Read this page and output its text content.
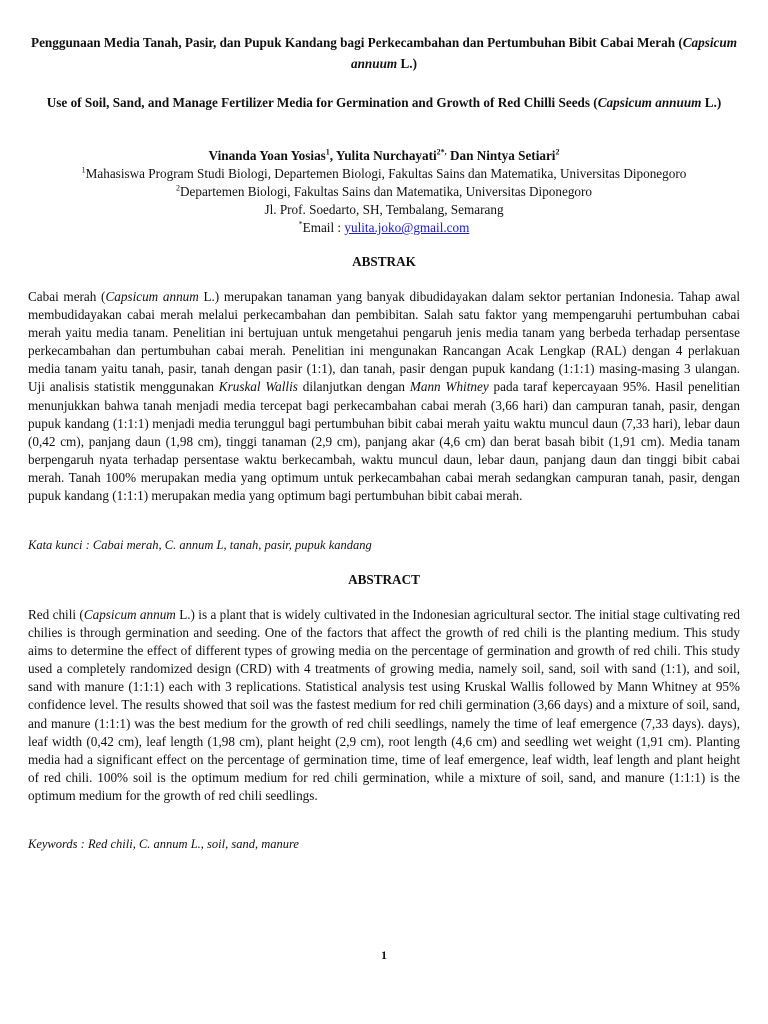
Penggunaan Media Tanah, Pasir, dan Pupuk Kandang bagi Perkecambahan dan Pertumbuhan Bibit Cabai Merah (Capsicum annuum L.)

Use of Soil, Sand, and Manage Fertilizer Media for Germination and Growth of Red Chilli Seeds (Capsicum annuum L.)

Vinanda Yoan Yosias$^1$, Yulita Nurchayati$^{2*,}$ Dan Nintya Setiari$^2$
$^1$Mahasiswa Program Studi Biologi, Departemen Biologi, Fakultas Sains dan Matematika, Universitas Diponegoro
$^2$Departemen Biologi, Fakultas Sains dan Matematika, Universitas Diponegoro
Jl. Prof. Soedarto, SH, Tembalang, Semarang
*Email : yulita.joko@gmail.com
ABSTRAK

Cabai merah (Capsicum annum L.) merupakan tanaman yang banyak dibudidayakan dalam sektor pertanian Indonesia. Tahap awal membudidayakan cabai merah melalui perkecambahan dan pembibitan. Salah satu faktor yang mempengaruhi pertumbuhan cabai merah yaitu media tanam. Penelitian ini bertujuan untuk mengetahui pengaruh jenis media tanam yang berbeda terhadap persentase perkecambahan dan pertumbuhan cabai merah. Penelitian ini mengunakan Rancangan Acak Lengkap (RAL) dengan 4 perlakuan media tanam yaitu tanah, pasir, tanah dengan pasir (1:1), dan tanah, pasir dengan pupuk kandang (1:1:1) masing-masing 3 ulangan. Uji analisis statistik menggunakan Kruskal Wallis dilanjutkan dengan Mann Whitney pada taraf kepercayaan 95%. Hasil penelitian menunjukkan bahwa tanah menjadi media tercepat bagi perkecambahan cabai merah (3,66 hari) dan campuran tanah, pasir, dengan pupuk kandang (1:1:1) menjadi media terunggul bagi pertumbuhan bibit cabai merah yaitu waktu muncul daun (7,33 hari), lebar daun (0,42 cm), panjang daun (1,98 cm), tinggi tanaman (2,9 cm), panjang akar (4,6 cm) dan berat basah bibit (1,91 cm). Media tanam berpengaruh nyata terhadap persentase waktu berkecambah, waktu muncul daun, lebar daun, panjang daun dan tinggi bibit cabai merah. Tanah 100% merupakan media yang optimum untuk perkecambahan cabai merah sedangkan campuran tanah, pasir, dengan pupuk kandang (1:1:1) merupakan media yang optimum bagi pertumbuhan bibit cabai merah.

Kata kunci : Cabai merah, C. annum L, tanah, pasir, pupuk kandang
ABSTRACT

Red chili (Capsicum annum L.) is a plant that is widely cultivated in the Indonesian agricultural sector. The initial stage cultivating red chilies is through germination and seeding. One of the factors that affect the growth of red chili is the planting medium. This study aims to determine the effect of different types of growing media on the percentage of germination and growth of red chili. This study used a completely randomized design (CRD) with 4 treatments of growing media, namely soil, sand, soil with sand (1:1), and soil, sand with manure (1:1:1) each with 3 replications. Statistical analysis test using Kruskal Wallis followed by Mann Whitney at 95% confidence level. The results showed that soil was the fastest medium for red chili germination (3,66 days) and a mixture of soil, sand, and manure (1:1:1) was the best medium for the growth of red chili seedlings, namely the time of leaf emergence (7,33 days). days), leaf width (0,42 cm), leaf length (1,98 cm), plant height (2,9 cm), root length (4,6 cm) and seedling wet weight (1,91 cm). Planting media had a significant effect on the percentage of germination time, time of leaf emergence, leaf width, leaf length and plant height of red chili. 100% soil is the optimum medium for red chili germination, while a mixture of soil, sand, and manure (1:1:1) is the optimum medium for the growth of red chili seedlings.

Keywords : Red chili, C. annum L., soil, sand, manure
1
